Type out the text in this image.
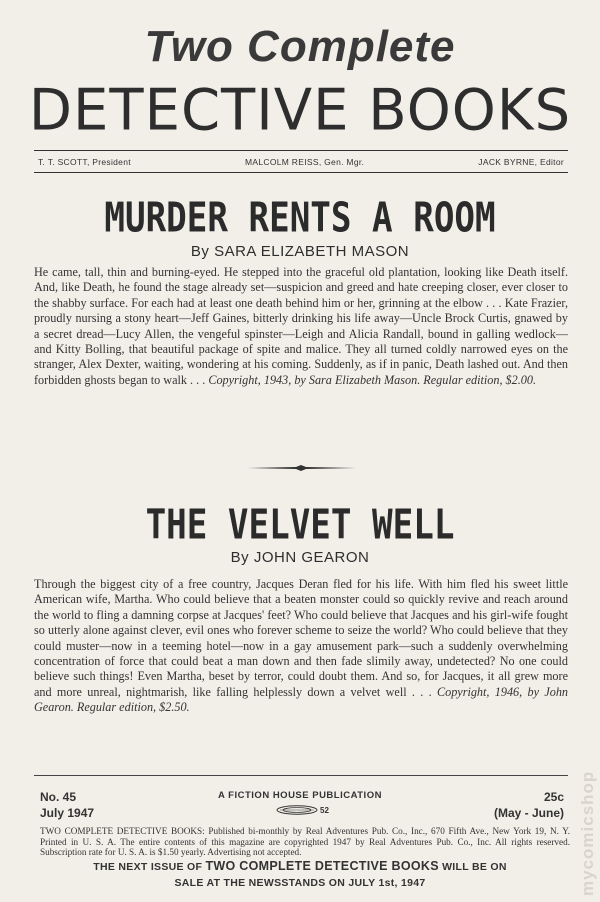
Two Complete
DETECTIVE BOOKS
T. T. SCOTT, President	MALCOLM REISS, Gen. Mgr.	JACK BYRNE, Editor
MURDER RENTS A ROOM
By SARA ELIZABETH MASON
He came, tall, thin and burning-eyed. He stepped into the graceful old plantation, looking like Death itself. And, like Death, he found the stage already set—suspicion and greed and hate creeping closer, ever closer to the shabby surface. For each had at least one death behind him or her, grinning at the elbow . . . Kate Frazier, proudly nursing a stony heart—Jeff Gaines, bitterly drinking his life away—Uncle Brock Curtis, gnawed by a secret dread—Lucy Allen, the vengeful spinster—Leigh and Alicia Randall, bound in galling wedlock—and Kitty Bolling, that beautiful package of spite and malice. They all turned coldly narrowed eyes on the stranger, Alex Dexter, waiting, wondering at his coming. Suddenly, as if in panic, Death lashed out. And then forbidden ghosts began to walk . . . Copyright, 1943, by Sara Elizabeth Mason. Regular edition, $2.00.
THE VELVET WELL
By JOHN GEARON
Through the biggest city of a free country, Jacques Deran fled for his life. With him fled his sweet little American wife, Martha. Who could believe that a beaten monster could so quickly revive and reach around the world to fling a damning corpse at Jacques' feet? Who could believe that Jacques and his girl-wife fought so utterly alone against clever, evil ones who forever scheme to seize the world? Who could believe that they could muster—now in a teeming hotel—now in a gay amusement park—such a suddenly overwhelming concentration of force that could beat a man down and then fade slimily away, undetected? No one could believe such things! Even Martha, beset by terror, could doubt them. And so, for Jacques, it all grew more and more unreal, nightmarish, like falling helplessly down a velvet well . . . Copyright, 1946, by John Gearon. Regular edition, $2.50.
No. 45
July 1947
A FICTION HOUSE PUBLICATION
52
25c
(May - June)
TWO COMPLETE DETECTIVE BOOKS: Published bi-monthly by Real Adventures Pub. Co., Inc., 670 Fifth Ave., New York 19, N. Y. Printed in U. S. A. The entire contents of this magazine are copyrighted 1947 by Real Adventures Pub. Co., Inc. All rights reserved. Subscription rate for U. S. A. is $1.50 yearly. Advertising not accepted.
THE NEXT ISSUE OF TWO COMPLETE DETECTIVE BOOKS WILL BE ON
SALE AT THE NEWSSTANDS ON JULY 1st, 1947	mycomicshop
